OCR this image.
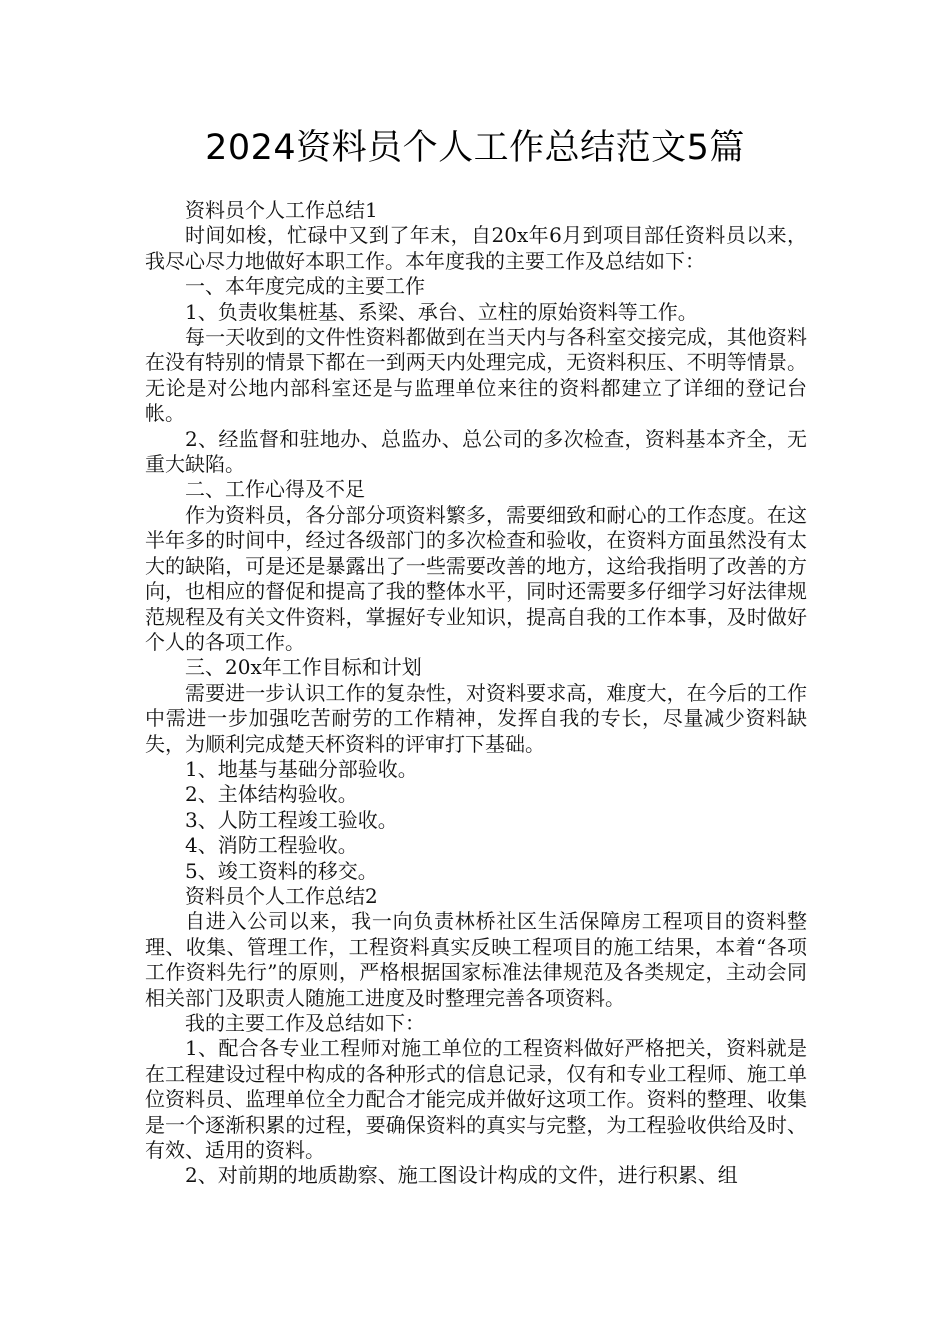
2024资料员个人工作总结范文5篇

资料员个人工作总结1

时间如梭，忙碌中又到了年末，自20x年6月到项目部任资料员以来，我尽心尽力地做好本职工作。本年度我的主要工作及总结如下：

一、本年度完成的主要工作

1、负责收集桩基、系梁、承台、立柱的原始资料等工作。

每一天收到的文件性资料都做到在当天内与各科室交接完成，其他资料在没有特别的情景下都在一到两天内处理完成，无资料积压、不明等情景。无论是对公地内部科室还是与监理单位来往的资料都建立了详细的登记台帐。

2、经监督和驻地办、总监办、总公司的多次检查，资料基本齐全，无重大缺陷。

二、工作心得及不足

作为资料员，各分部分项资料繁多，需要细致和耐心的工作态度。在这半年多的时间中，经过各级部门的多次检查和验收，在资料方面虽然没有太大的缺陷，可是还是暴露出了一些需要改善的地方，这给我指明了改善的方向，也相应的督促和提高了我的整体水平，同时还需要多仔细学习好法律规范规程及有关文件资料，掌握好专业知识，提高自我的工作本事，及时做好个人的各项工作。

三、20x年工作目标和计划

需要进一步认识工作的复杂性，对资料要求高，难度大，在今后的工作中需进一步加强吃苦耐劳的工作精神，发挥自我的专长，尽量减少资料缺失，为顺利完成楚天杯资料的评审打下基础。

1、地基与基础分部验收。

2、主体结构验收。

3、人防工程竣工验收。

4、消防工程验收。

5、竣工资料的移交。

资料员个人工作总结2

自进入公司以来，我一向负责林桥社区生活保障房工程项目的资料整理、收集、管理工作，工程资料真实反映工程项目的施工结果，本着“各项工作资料先行”的原则，严格根据国家标准法律规范及各类规定，主动会同相关部门及职责人随施工进度及时整理完善各项资料。

我的主要工作及总结如下：

1、配合各专业工程师对施工单位的工程资料做好严格把关，资料就是在工程建设过程中构成的各种形式的信息记录，仅有和专业工程师、施工单位资料员、监理单位全力配合才能完成并做好这项工作。资料的整理、收集是一个逐渐积累的过程，要确保资料的真实与完整，为工程验收供给及时、有效、适用的资料。

2、对前期的地质勘察、施工图设计构成的文件，进行积累、组
